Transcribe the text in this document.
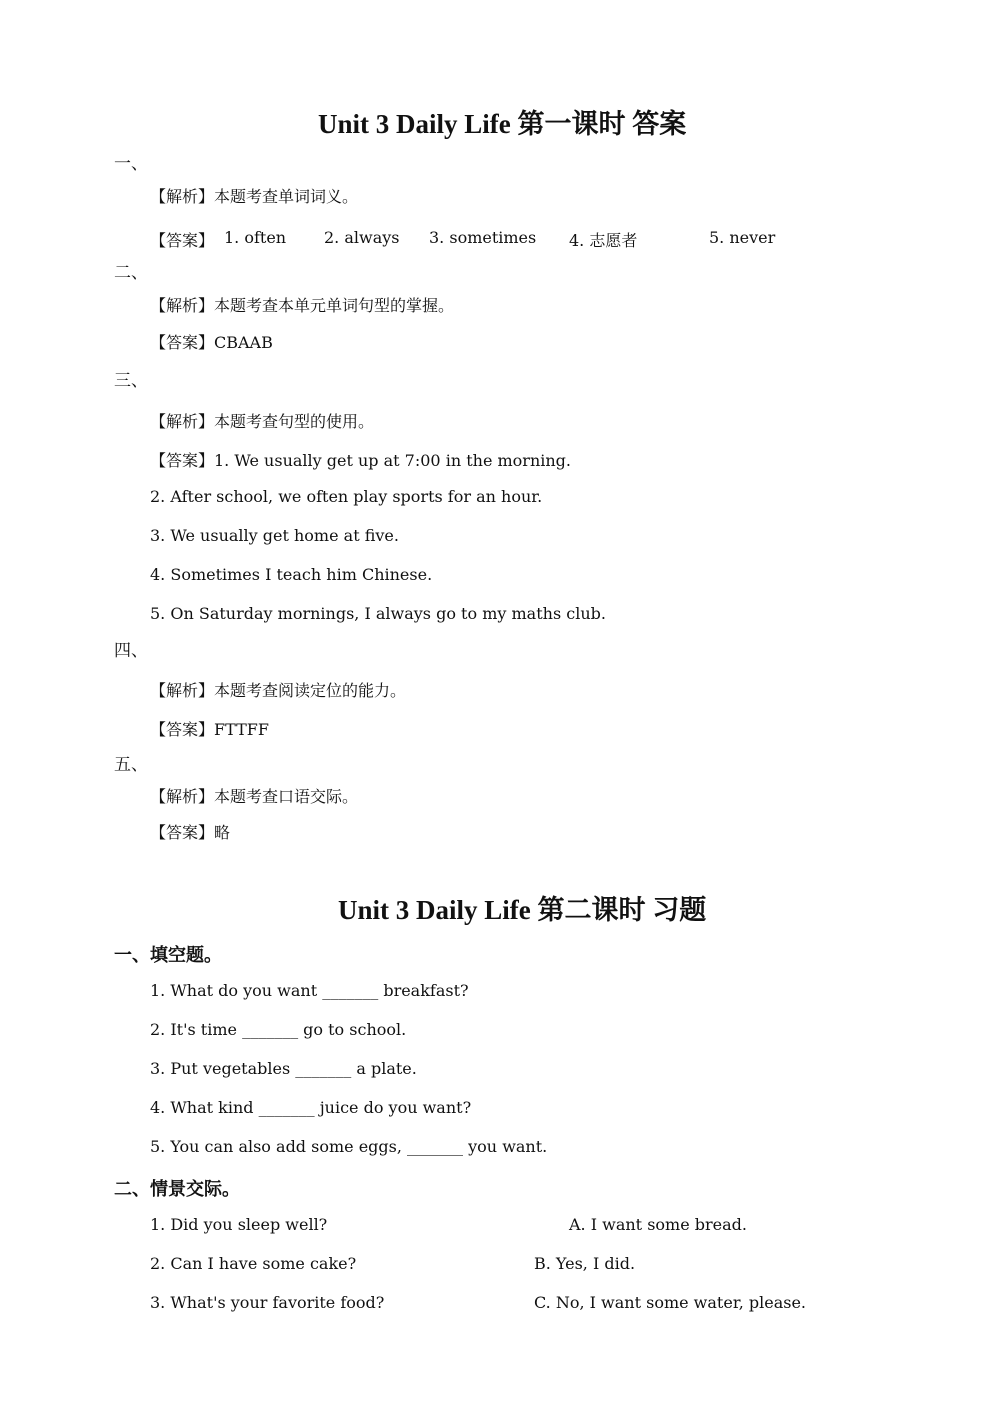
Unit 3 Daily Life 第一课时 答案
一、
【解析】本题考查单词词义。
【答案】 1. often 2. always 3. sometimes 4. 志愿者	5. never
二、
【解析】本题考查本单元单词句型的掌握。
【答案】CBAAB
三、
【解析】本题考查句型的使用。
【答案】1. We usually get up at 7:00 in the morning.
2. After school, we often play sports for an hour.
3. We usually get home at five.
4. Sometimes I teach him Chinese.
5. On Saturday mornings, I always go to my maths club.
四、
【解析】本题考查阅读定位的能力。
【答案】FTTFF
五、
【解析】本题考查口语交际。
【答案】略
Unit 3 Daily Life 第二课时 习题
一、填空题。
1. What do you want _______ breakfast?
2. It's time _______ go to school.
3. Put vegetables _______ a plate.
4. What kind _______ juice do you want?
5. You can also add some eggs, _______ you want.
二、情景交际。
1. Did you sleep well?	A. I want some bread.
2. Can I have some cake?	B. Yes, I did.
3. What's your favorite food?	C. No, I want some water, please.
